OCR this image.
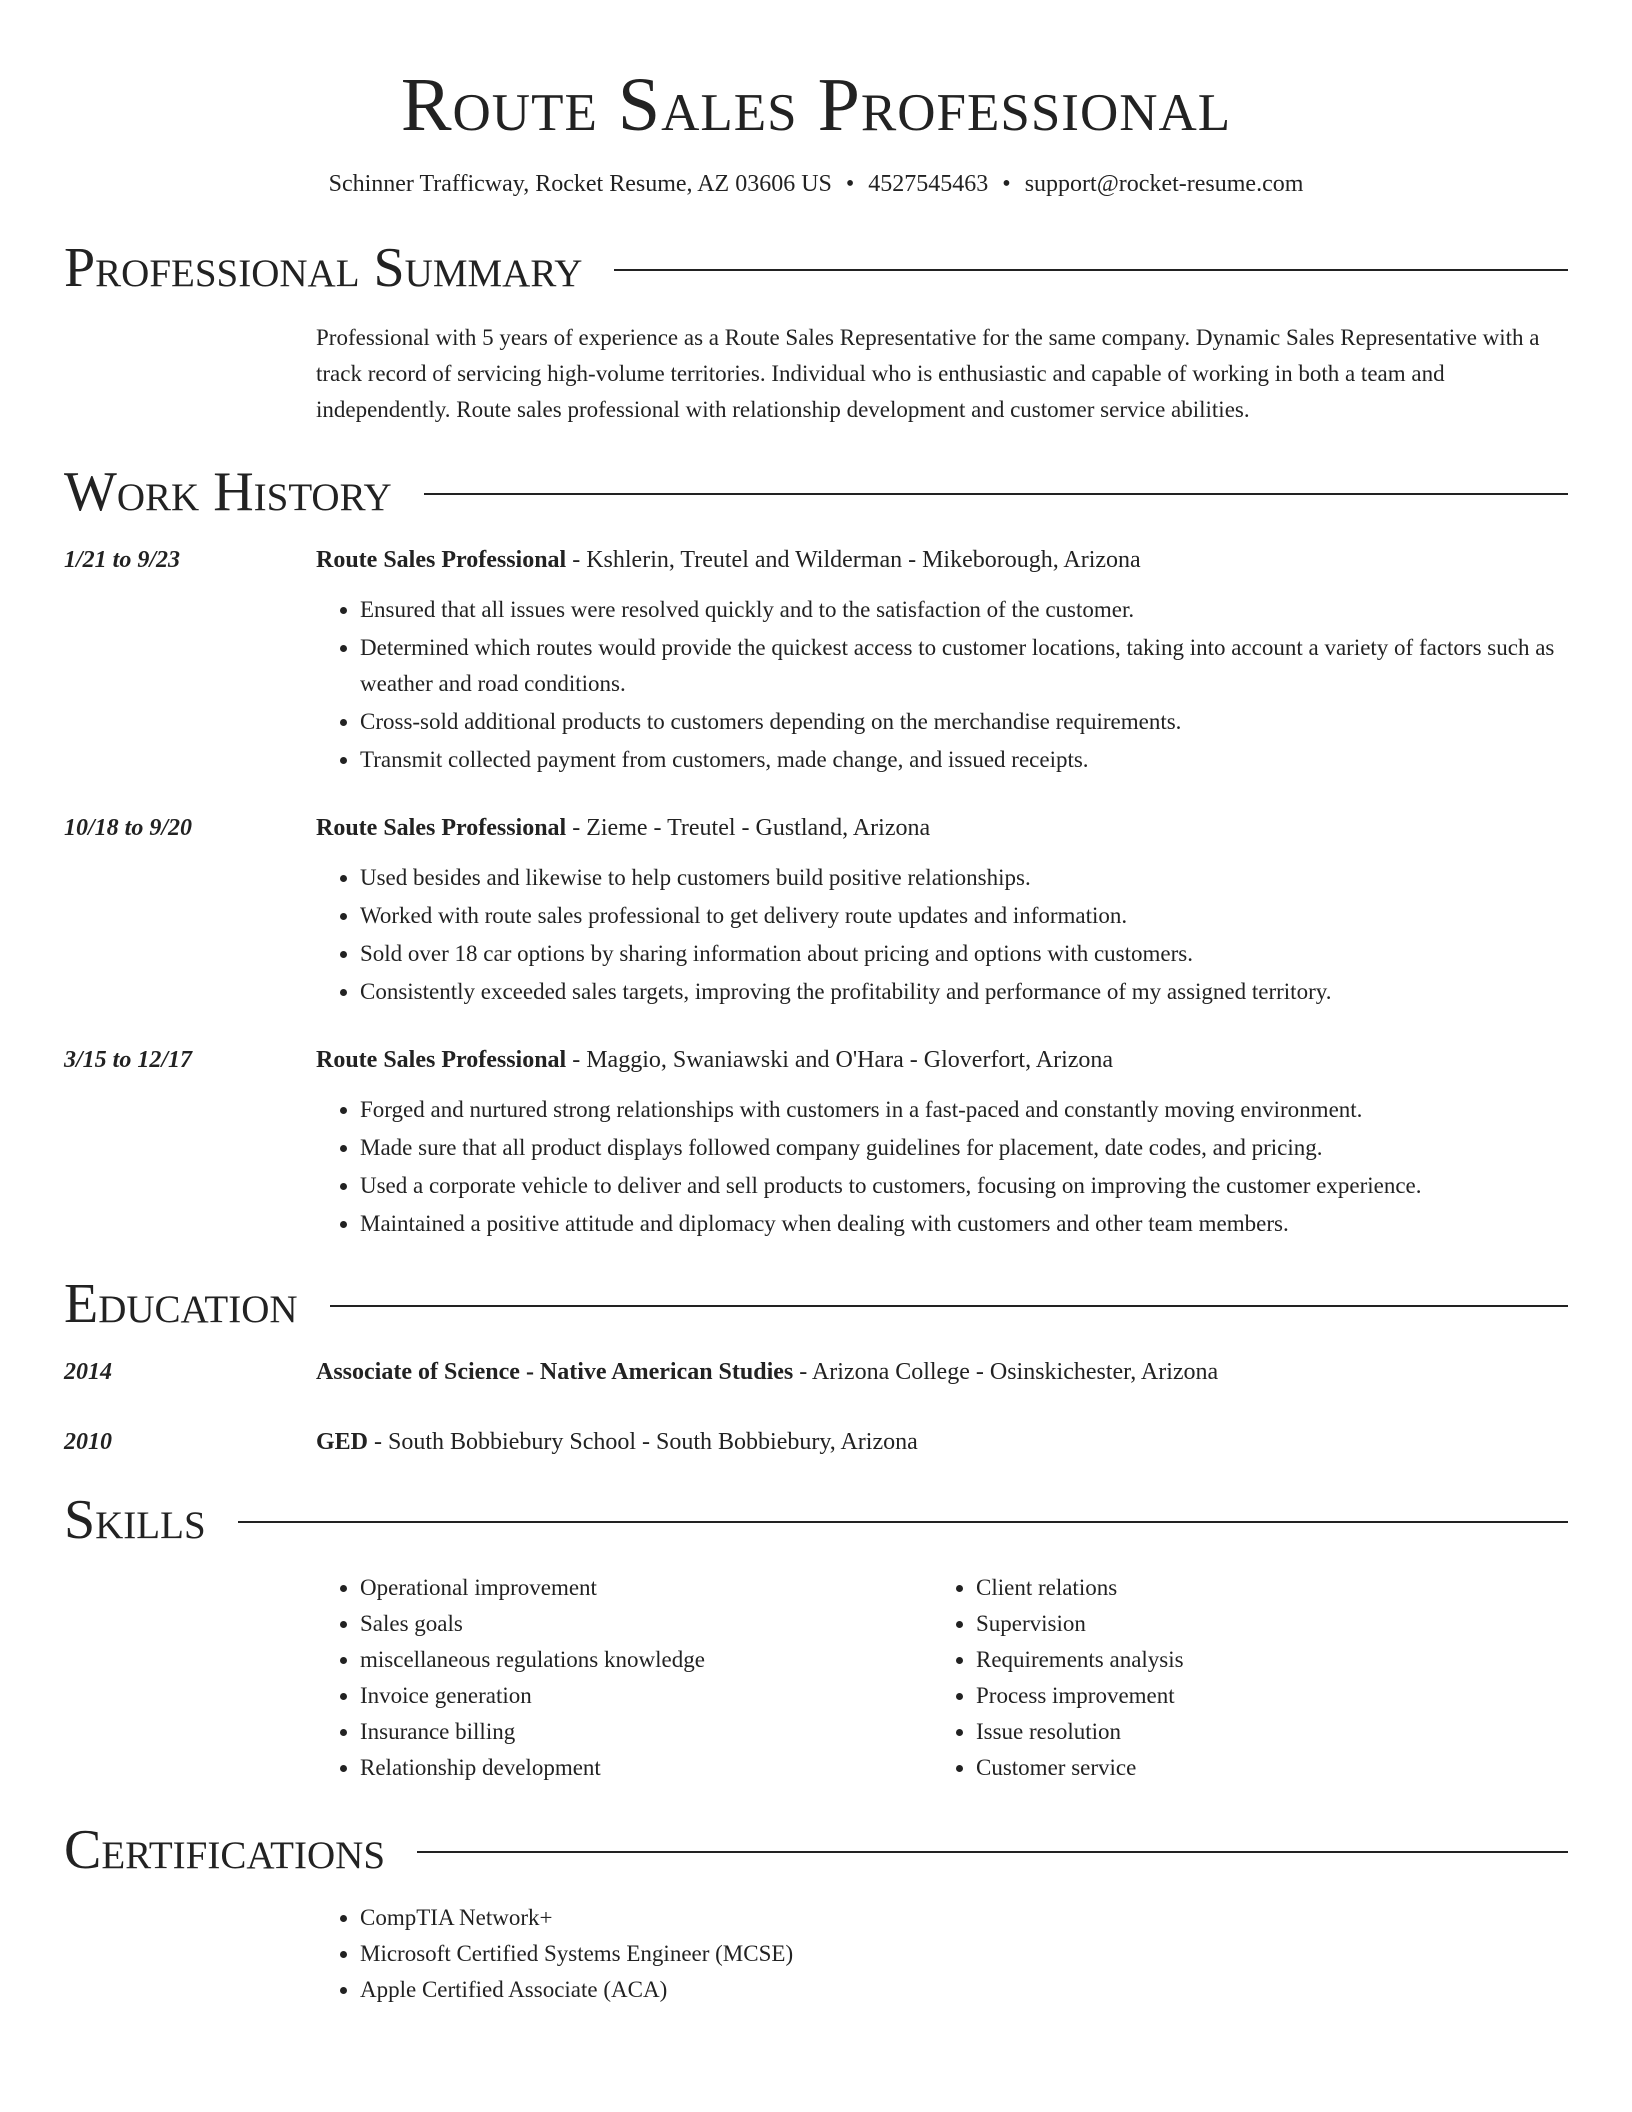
Route Sales Professional
Schinner Trafficway, Rocket Resume, AZ 03606 US • 4527545463 • support@rocket-resume.com
Professional Summary
Professional with 5 years of experience as a Route Sales Representative for the same company. Dynamic Sales Representative with a track record of servicing high-volume territories. Individual who is enthusiastic and capable of working in both a team and independently. Route sales professional with relationship development and customer service abilities.
Work History
1/21 to 9/23	Route Sales Professional - Kshlerin, Treutel and Wilderman - Mikeborough, Arizona
• Ensured that all issues were resolved quickly and to the satisfaction of the customer.
• Determined which routes would provide the quickest access to customer locations, taking into account a variety of factors such as weather and road conditions.
• Cross-sold additional products to customers depending on the merchandise requirements.
• Transmit collected payment from customers, made change, and issued receipts.
10/18 to 9/20	Route Sales Professional - Zieme - Treutel - Gustland, Arizona
• Used besides and likewise to help customers build positive relationships.
• Worked with route sales professional to get delivery route updates and information.
• Sold over 18 car options by sharing information about pricing and options with customers.
• Consistently exceeded sales targets, improving the profitability and performance of my assigned territory.
3/15 to 12/17	Route Sales Professional - Maggio, Swaniawski and O'Hara - Gloverfort, Arizona
• Forged and nurtured strong relationships with customers in a fast-paced and constantly moving environment.
• Made sure that all product displays followed company guidelines for placement, date codes, and pricing.
• Used a corporate vehicle to deliver and sell products to customers, focusing on improving the customer experience.
• Maintained a positive attitude and diplomacy when dealing with customers and other team members.
Education
2014	Associate of Science - Native American Studies - Arizona College - Osinskichester, Arizona
2010	GED - South Bobbiebury School - South Bobbiebury, Arizona
Skills
• Operational improvement
• Sales goals
• miscellaneous regulations knowledge
• Invoice generation
• Insurance billing
• Relationship development
• Client relations
• Supervision
• Requirements analysis
• Process improvement
• Issue resolution
• Customer service
Certifications
• CompTIA Network+
• Microsoft Certified Systems Engineer (MCSE)
• Apple Certified Associate (ACA)
